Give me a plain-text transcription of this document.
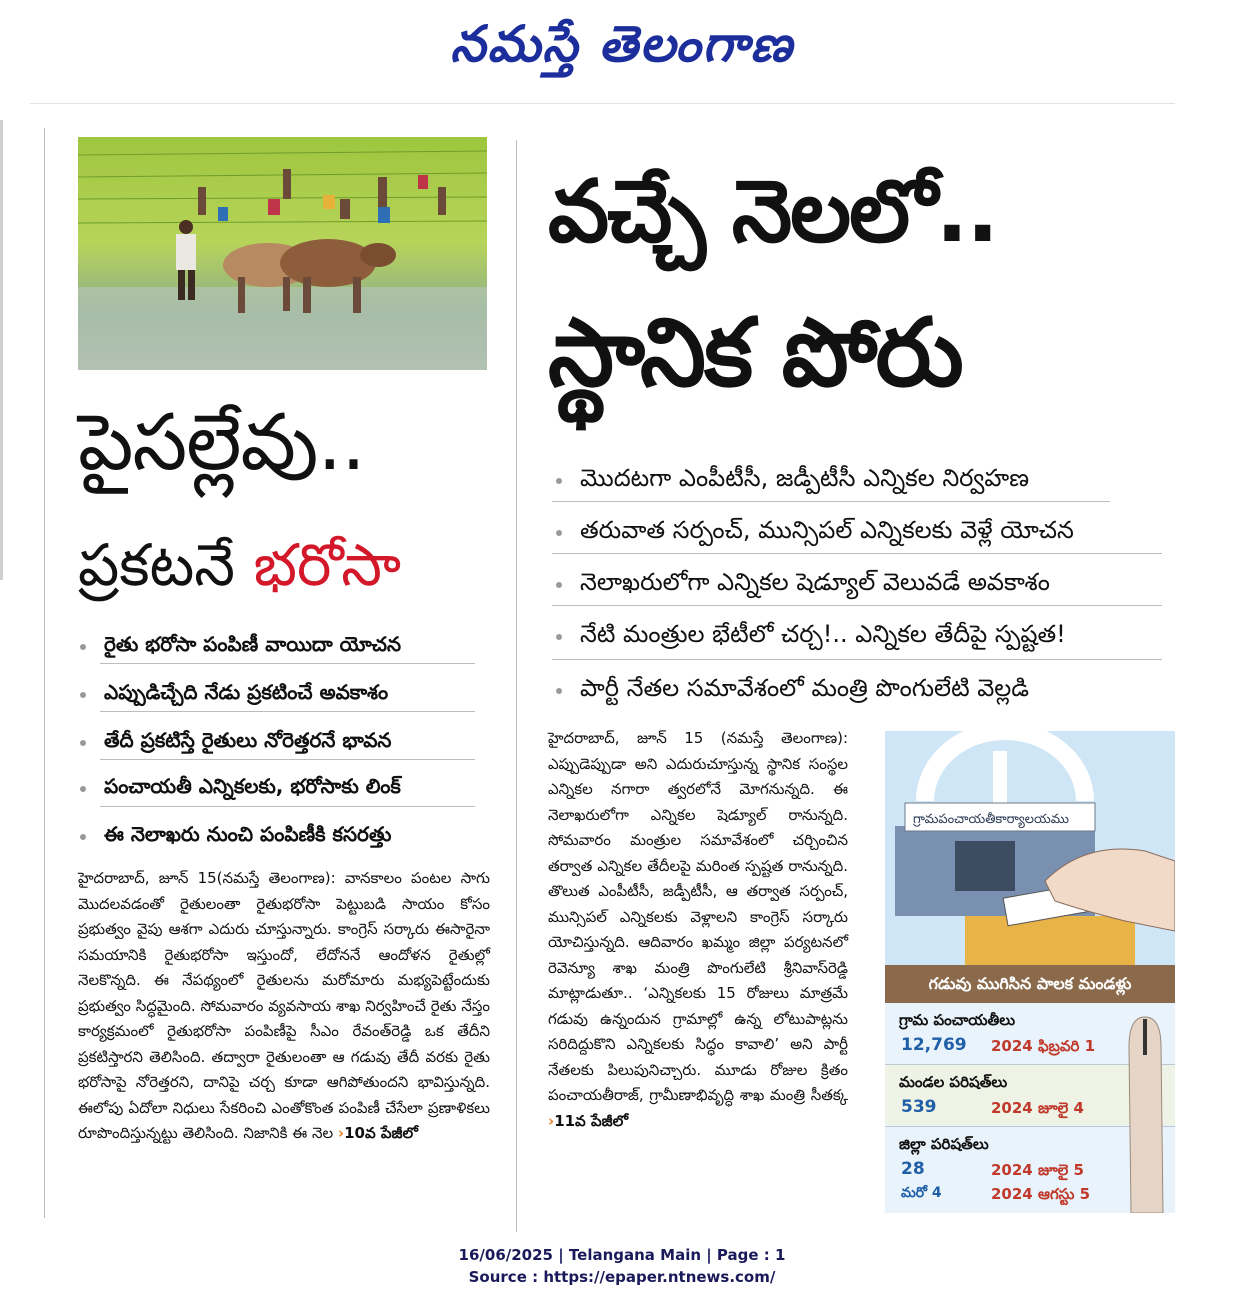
నమస్తే తెలంగాణ
పైసల్లేవు..
ప్రకటనే భరోసా
రైతు భరోసా పంపిణీ వాయిదా యోచన
ఎప్పుడిచ్చేది నేడు ప్రకటించే అవకాశం
తేదీ ప్రకటిస్తే రైతులు నోరెత్తరనే భావన
పంచాయతీ ఎన్నికలకు, భరోసాకు లింక్
ఈ నెలాఖరు నుంచి పంపిణీకి కసరత్తు
హైదరాబాద్, జూన్ 15(నమస్తే తెలంగాణ): వానకాలం పంటల సాగు మొదలవడంతో రైతులంతా రైతుభరోసా పెట్టుబడి సాయం కోసం ప్రభుత్వం వైపు ఆశగా ఎదురు చూస్తున్నారు. కాంగ్రెస్ సర్కారు ఈసారైనా సమయానికి రైతుభరోసా ఇస్తుందో, లేదోననే ఆందోళన రైతుల్లో నెలకొన్నది. ఈ నేపథ్యంలో రైతులను మరోమారు మభ్యపెట్టేందుకు ప్రభుత్వం సిద్ధమైంది. సోమవారం వ్యవసాయ శాఖ నిర్వహించే రైతు నేస్తం కార్యక్రమంలో రైతుభరోసా పంపిణీపై సీఎం రేవంత్‌రెడ్డి ఒక తేదీని ప్రకటిస్తారని తెలిసింది. తద్వారా రైతులంతా ఆ గడువు తేదీ వరకు రైతు భరోసాపై నోరెత్తరని, దానిపై చర్చ కూడా ఆగిపోతుందని భావిస్తున్నది. ఈలోపు ఏదోలా నిధులు సేకరించి ఎంతోకొంత పంపిణీ చేసేలా ప్రణాళికలు రూపొందిస్తున్నట్టు తెలిసింది. నిజానికి ఈ నెల ›10వ పేజీలో
వచ్చే నెలలో..
స్థానిక పోరు
మొదటగా ఎంపీటీసీ, జడ్పీటీసీ ఎన్నికల నిర్వహణ
తరువాత సర్పంచ్, మున్సిపల్ ఎన్నికలకు వెళ్లే యోచన
నెలాఖరులోగా ఎన్నికల షెడ్యూల్ వెలువడే అవకాశం
నేటి మంత్రుల భేటీలో చర్చ!.. ఎన్నికల తేదీపై స్పష్టత!
పార్టీ నేతల సమావేశంలో మంత్రి పొంగులేటి వెల్లడి
హైదరాబాద్, జూన్ 15 (నమస్తే తెలంగాణ): ఎప్పుడెప్పుడా అని ఎదురుచూస్తున్న స్థానిక సంస్థల ఎన్నికల నగారా త్వరలోనే మోగనున్నది. ఈ నెలాఖరులోగా ఎన్నికల షెడ్యూల్ రానున్నది. సోమవారం మంత్రుల సమావేశంలో చర్చించిన తర్వాత ఎన్నికల తేదీలపై మరింత స్పష్టత రానున్నది. తొలుత ఎంపీటీసీ, జడ్పీటీసీ, ఆ తర్వాత సర్పంచ్, మున్సిపల్ ఎన్నికలకు వెళ్లాలని కాంగ్రెస్ సర్కారు యోచిస్తున్నది. ఆదివారం ఖమ్మం జిల్లా పర్యటనలో రెవెన్యూ శాఖ మంత్రి పొంగులేటి శ్రీనివాస్‌రెడ్డి మాట్లాడుతూ.. ‘ఎన్నికలకు 15 రోజులు మాత్రమే గడువు ఉన్నందున గ్రామాల్లో ఉన్న లోటుపాట్లను సరిదిద్దుకొని ఎన్నికలకు సిద్ధం కావాలి’ అని పార్టీ నేతలకు పిలుపునిచ్చారు. మూడు రోజుల క్రితం పంచాయతీరాజ్, గ్రామీణాభివృద్ధి శాఖ మంత్రి సీతక్క ›11వ పేజీలో
గ్రామపంచాయతీకార్యాలయము
గడువు ముగిసిన పాలక మండళ్లు
గ్రామ పంచాయతీలు
12,769 2024 ఫిబ్రవరి 1
మండల పరిషత్‌లు
539	2024 జూలై 4
జిల్లా పరిషత్‌లు
28	2024 జూలై 5
మరో 4	2024 ఆగస్టు 5
16/06/2025 | Telangana Main | Page : 1
Source : https://epaper.ntnews.com/
